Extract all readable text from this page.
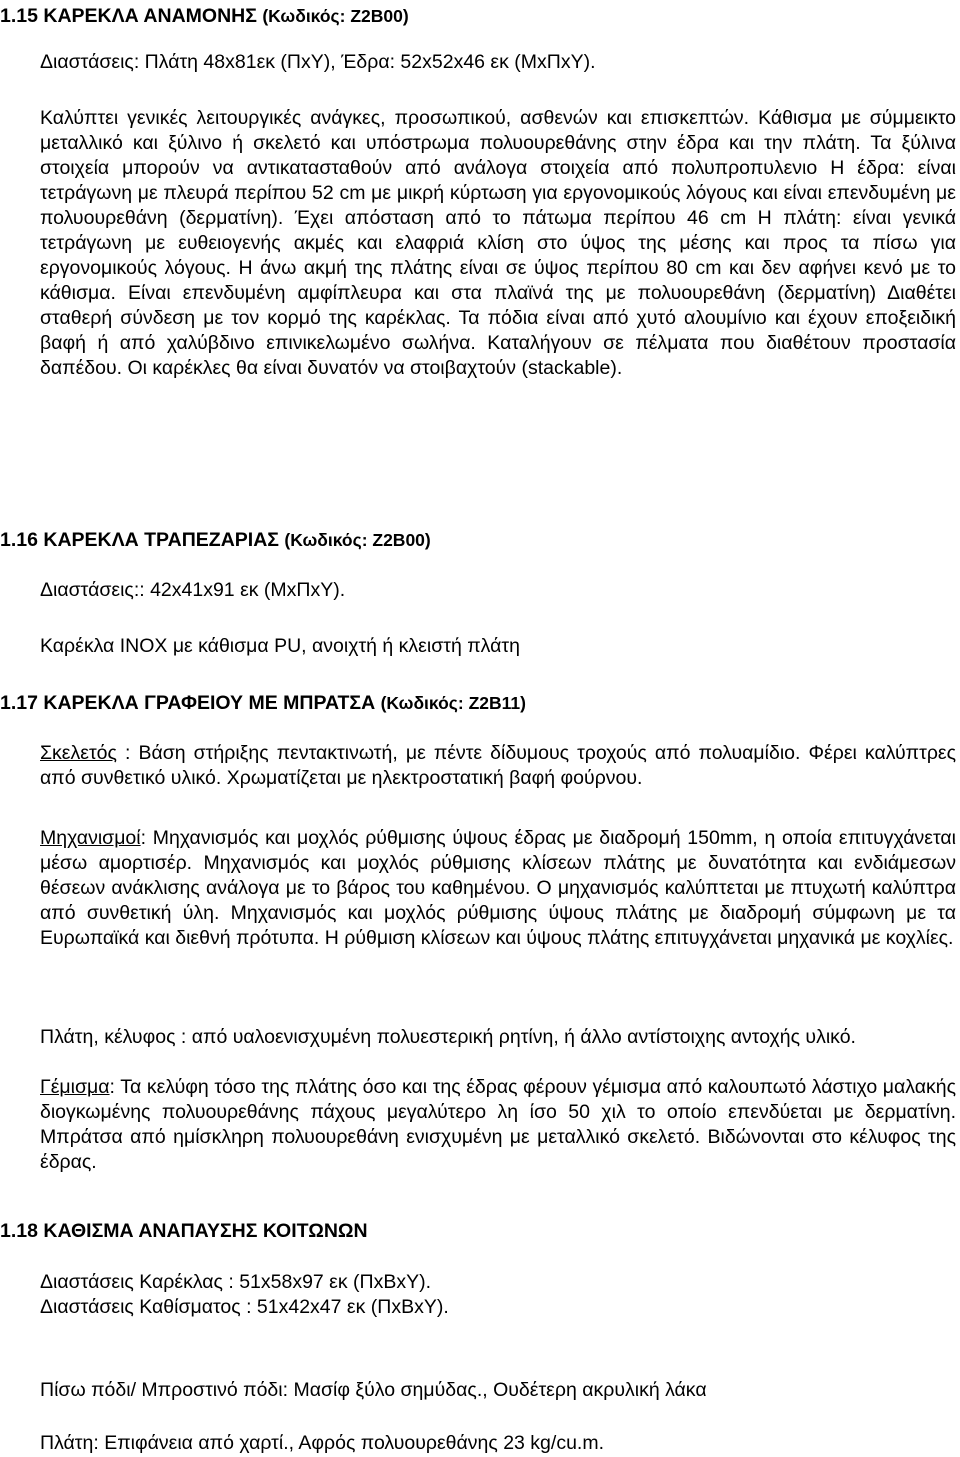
1.15 ΚΑΡΕΚΛΑ ΑΝΑΜΟΝΗΣ (Κωδικός: Z2B00)
Διαστάσεις: Πλάτη 48x81εκ (ΠxΥ), Έδρα: 52x52x46 εκ (ΜxΠxΥ).
Καλύπτει γενικές λειτουργικές ανάγκες, προσωπικού, ασθενών και επισκεπτών. Κάθισμα με σύμμεικτο μεταλλικό και ξύλινο ή σκελετό και υπόστρωμα πολυουρεθάνης στην έδρα και την πλάτη. Τα ξύλινα στοιχεία μπορούν να αντικατασταθούν από ανάλογα στοιχεία από πολυπροπυλενιο Η έδρα: είναι τετράγωνη με πλευρά περίπου 52 cm με μικρή κύρτωση για εργονομικούς λόγους και είναι επενδυμένη με πολυουρεθάνη (δερματίνη). Έχει απόσταση από το πάτωμα περίπου 46 cm Η πλάτη: είναι γενικά τετράγωνη με ευθειογενής ακμές και ελαφριά κλίση στο ύψος της μέσης και προς τα πίσω για εργονομικούς λόγους. Η άνω ακμή της πλάτης είναι σε ύψος περίπου 80 cm και δεν αφήνει κενό με το κάθισμα. Είναι επενδυμένη αμφίπλευρα και στα πλαϊνά της με πολυουρεθάνη (δερματίνη) Διαθέτει σταθερή σύνδεση με τον κορμό της καρέκλας. Τα πόδια είναι από χυτό αλουμίνιο και έχουν εποξειδική βαφή ή από χαλύβδινο επινικελωμένο σωλήνα. Καταλήγουν σε πέλματα που διαθέτουν προστασία δαπέδου. Οι καρέκλες θα είναι δυνατόν να στοιβαχτούν (stackable).
1.16 ΚΑΡΕΚΛΑ ΤΡΑΠΕΖΑΡΙΑΣ (Κωδικός: Z2B00)
Διαστάσεις:: 42x41x91 εκ (ΜxΠxΥ).
Καρέκλα INOX με κάθισμα PU, ανοιχτή ή κλειστή πλάτη
1.17 ΚΑΡΕΚΛΑ ΓΡΑΦΕΙΟΥ ΜΕ ΜΠΡΑΤΣΑ (Κωδικός: Z2B11)
Σκελετός : Βάση στήριξης πεντακτινωτή, με πέντε δίδυμους τροχούς από πολυαμίδιο. Φέρει καλύπτρες από συνθετικό υλικό. Χρωματίζεται με ηλεκτροστατική βαφή φούρνου.
Μηχανισμοί: Μηχανισμός και μοχλός ρύθμισης ύψους έδρας με διαδρομή 150mm, η οποία επιτυγχάνεται μέσω αμορτισέρ. Μηχανισμός και μοχλός ρύθμισης κλίσεων πλάτης με δυνατότητα και ενδιάμεσων θέσεων ανάκλισης ανάλογα με το βάρος του καθημένου. Ο μηχανισμός καλύπτεται με πτυχωτή καλύπτρα από συνθετική ύλη. Μηχανισμός και μοχλός ρύθμισης ύψους πλάτης με διαδρομή σύμφωνη με τα Ευρωπαϊκά και διεθνή πρότυπα. Η ρύθμιση κλίσεων και ύψους πλάτης επιτυγχάνεται μηχανικά με κοχλίες.
Πλάτη, κέλυφος : από υαλοενισχυμένη πολυεστερική ρητίνη, ή άλλο αντίστοιχης αντοχής υλικό.
Γέμισμα: Τα κελύφη τόσο της πλάτης όσο και της έδρας φέρουν γέμισμα από καλουπωτό λάστιχο μαλακής διογκωμένης πολυουρεθάνης πάχους μεγαλύτερο λη ίσο 50 χιλ το οποίο επενδύεται με δερματίνη. Μπράτσα από ημίσκληρη πολυουρεθάνη ενισχυμένη με μεταλλικό σκελετό. Βιδώνονται στο κέλυφος της έδρας.
1.18 ΚΑΘΙΣΜΑ ΑΝΑΠΑΥΣΗΣ ΚΟΙΤΩΝΩΝ
Διαστάσεις Καρέκλας : 51x58x97 εκ (ΠxΒxΥ).
Διαστάσεις Καθίσματος : 51x42x47 εκ (ΠxΒxΥ).
Πίσω πόδι/ Μπροστινό πόδι: Μασίφ ξύλο σημύδας., Ουδέτερη ακρυλική λάκα
Πλάτη: Επιφάνεια από χαρτί., Αφρός πολυουρεθάνης 23 kg/cu.m.
